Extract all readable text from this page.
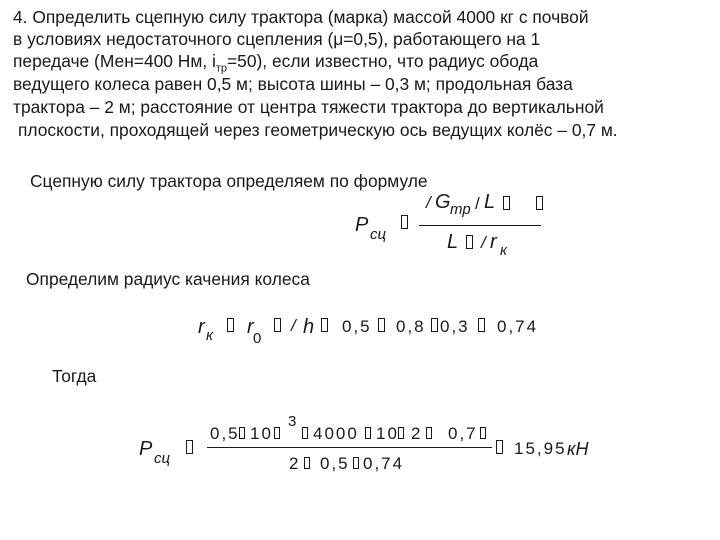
4. Определить сцепную силу трактора (марка) массой 4000 кг с почвой
в условиях недостаточного сцепления (μ=0,5), работающего на 1
передаче (Мен=400 Нм, $i_{тр}=50$), если известно, что радиус обода
ведущего колеса равен 0,5 м; высота шины – 0,3 м; продольная база
трактора – 2 м; расстояние от центра тяжести трактора до вертикальной
плоскости, проходящей через геометрическую ось ведущих колёс – 0,7 м.
Сцепную силу трактора определяем по формуле
P сц
/ G тр / L
L / r к
Определим радиус качения колеса
r к r
0
/ h 0,5 0,8 0,3 0,74
Тогда
P сц
0,5 10
3
4000 10 2 0,7
2 0,5 0,74
15,95 кН
